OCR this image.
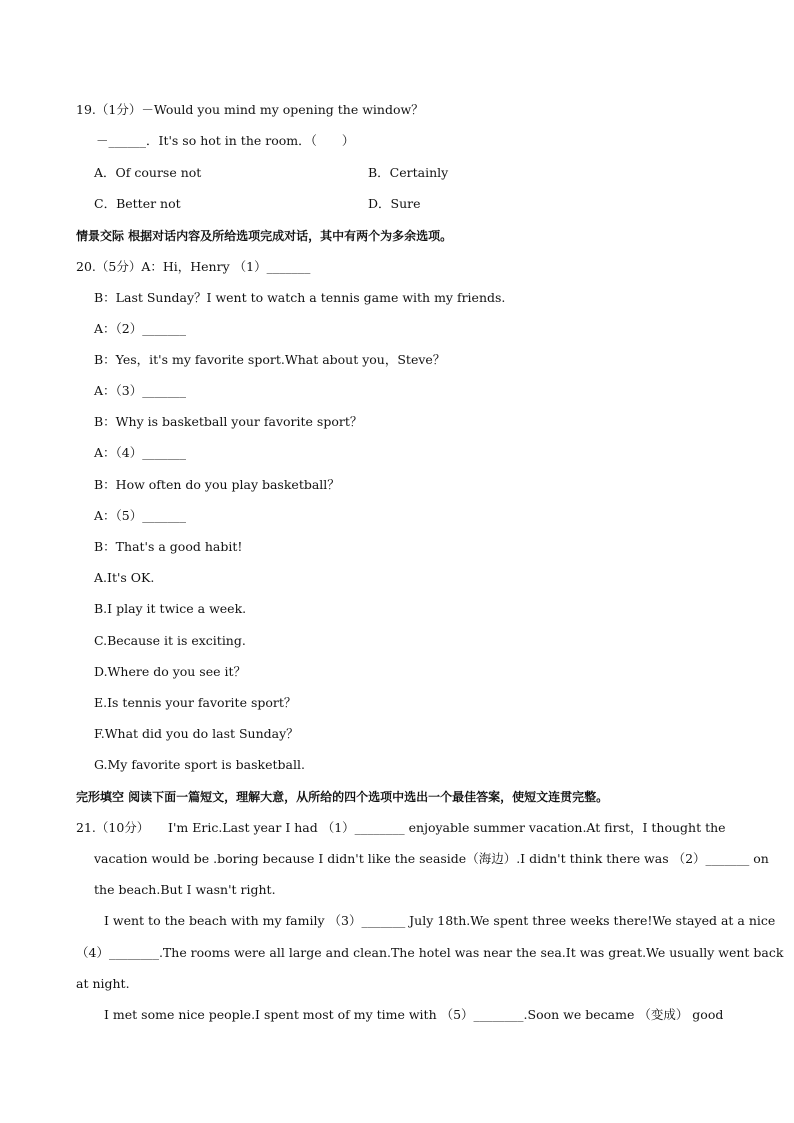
19.（1分）－Would you mind my opening the window？
－______．It's so hot in the room．（　　）
A．Of course not	B．Certainly
C．Better not	D．Sure
情景交际 根据对话内容及所给选项完成对话，其中有两个为多余选项。
20.（5分）A：Hi，Henry （1）_______
B：Last Sunday？I went to watch a tennis game with my friends.
A：（2）_______
B：Yes，it's my favorite sport.What about you，Steve？
A：（3）_______
B：Why is basketball your favorite sport？
A：（4）_______
B：How often do you play basketball？
A：（5）_______
B：That's a good habit!
A.It's OK.
B.I play it twice a week.
C.Because it is exciting.
D.Where do you see it？
E.Is tennis your favorite sport？
F.What did you do last Sunday？
G.My favorite sport is basketball.
完形填空 阅读下面一篇短文，理解大意，从所给的四个选项中选出一个最佳答案，使短文连贯完整。
21.（10分）　　I'm Eric.Last year I had （1）________ enjoyable summer vacation.At first，I thought the
vacation would be .boring because I didn't like the seaside（海边）.I didn't think there was （2）_______ on
the beach.But I wasn't right.
I went to the beach with my family （3）_______ July 18th.We spent three weeks there!We stayed at a nice
（4）________.The rooms were all large and clean.The hotel was near the sea.It was great.We usually went back
at night.
I met some nice people.I spent most of my time with （5）________.Soon we became （变成） good
